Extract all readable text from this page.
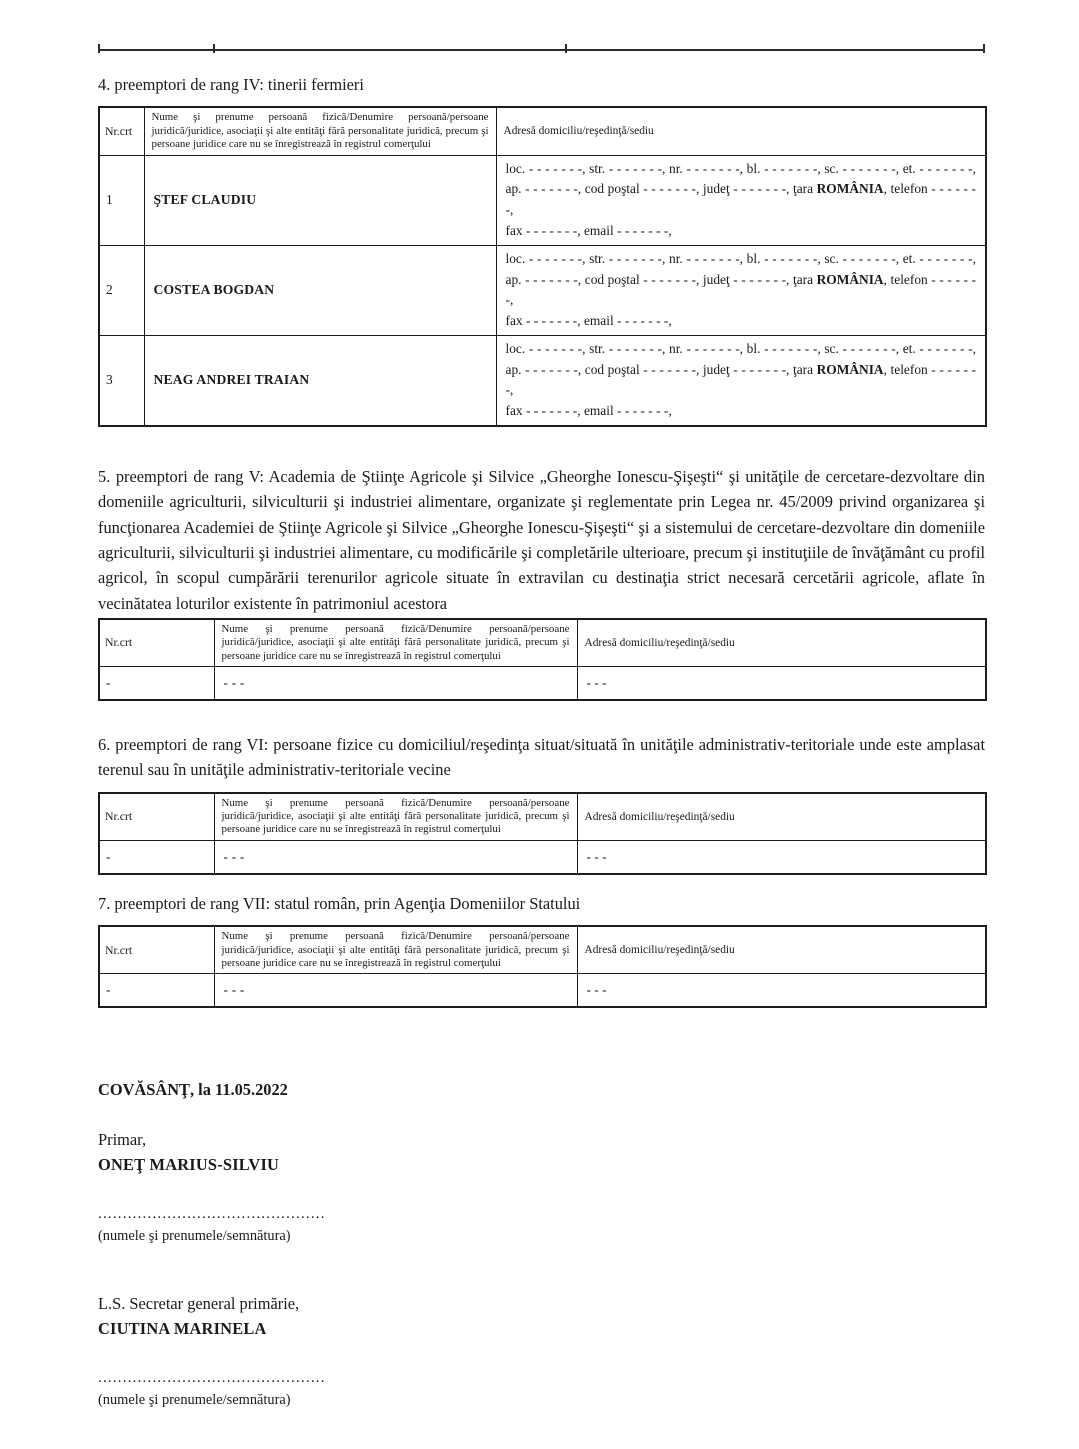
4. preemptori de rang IV: tinerii fermieri
Nr.crt	Nume şi prenume persoană fizică/Denumire persoană/persoane juridică/juridice, asociaţii şi alte entităţi fără personalitate juridică, precum şi persoane juridice care nu se înregistrează în registrul comerţului	Adresă domiciliu/reşedinţă/sediu
1	ŞTEF CLAUDIU	loc. - - - - - - -, str. - - - - - - -, nr. - - - - - - -, bl. - - - - - - -, sc. - - - - - - -, et. - - - - - - -,
ap. - - - - - - -, cod poştal - - - - - - -, judeţ - - - - - - -, ţara ROMÂNIA, telefon - - - - - - -,
fax - - - - - - -, email - - - - - - -,

2	COSTEA BOGDAN	loc. - - - - - - -, str. - - - - - - -, nr. - - - - - - -, bl. - - - - - - -, sc. - - - - - - -, et. - - - - - - -,
ap. - - - - - - -, cod poştal - - - - - - -, judeţ - - - - - - -, ţara ROMÂNIA, telefon - - - - - - -,
fax - - - - - - -, email - - - - - - -,

3	NEAG ANDREI TRAIAN	loc. - - - - - - -, str. - - - - - - -, nr. - - - - - - -, bl. - - - - - - -, sc. - - - - - - -, et. - - - - - - -,
ap. - - - - - - -, cod poştal - - - - - - -, judeţ - - - - - - -, ţara ROMÂNIA, telefon - - - - - - -,
fax - - - - - - -, email - - - - - - -,
5. preemptori de rang V: Academia de Ştiinţe Agricole şi Silvice „Gheorghe Ionescu-Şişeşti“ şi unităţile de cercetare-dezvoltare din domeniile agriculturii, silviculturii şi industriei alimentare, organizate şi reglementate prin Legea nr. 45/2009 privind organizarea şi funcţionarea Academiei de Ştiinţe Agricole şi Silvice „Gheorghe Ionescu-Şişeşti“ şi a sistemului de cercetare-dezvoltare din domeniile agriculturii, silviculturii şi industriei alimentare, cu modificările şi completările ulterioare, precum şi instituţiile de învăţământ cu profil agricol, în scopul cumpărării terenurilor agricole situate în extravilan cu destinaţia strict necesară cercetării agricole, aflate în vecinătatea loturilor existente în patrimoniul acestora
Nr.crt	Nume şi prenume persoană fizică/Denumire persoană/persoane juridică/juridice, asociaţii şi alte entităţi fără personalitate juridică, precum şi persoane juridice care nu se înregistrează în registrul comerţului	Adresă domiciliu/reşedinţă/sediu
-	- - -	- - -
6. preemptori de rang VI: persoane fizice cu domiciliul/reşedinţa situat/situată în unităţile administrativ-teritoriale unde este amplasat terenul sau în unităţile administrativ-teritoriale vecine
Nr.crt	Nume şi prenume persoană fizică/Denumire persoană/persoane juridică/juridice, asociaţii şi alte entităţi fără personalitate juridică, precum şi persoane juridice care nu se înregistrează în registrul comerţului	Adresă domiciliu/reşedinţă/sediu
-	- - -	- - -
7. preemptori de rang VII: statul român, prin Agenţia Domeniilor Statului
Nr.crt	Nume şi prenume persoană fizică/Denumire persoană/persoane juridică/juridice, asociaţii şi alte entităţi fără personalitate juridică, precum şi persoane juridice care nu se înregistrează în registrul comerţului	Adresă domiciliu/reşedinţă/sediu
-	- - -	- - -
COVĂSÂNŢ, la 11.05.2022
Primar,
ONEŢ MARIUS-SILVIU
..............................................
(numele şi prenumele/semnătura)
L.S. Secretar general primărie,
CIUTINA MARINELA
..............................................
(numele şi prenumele/semnătura)
